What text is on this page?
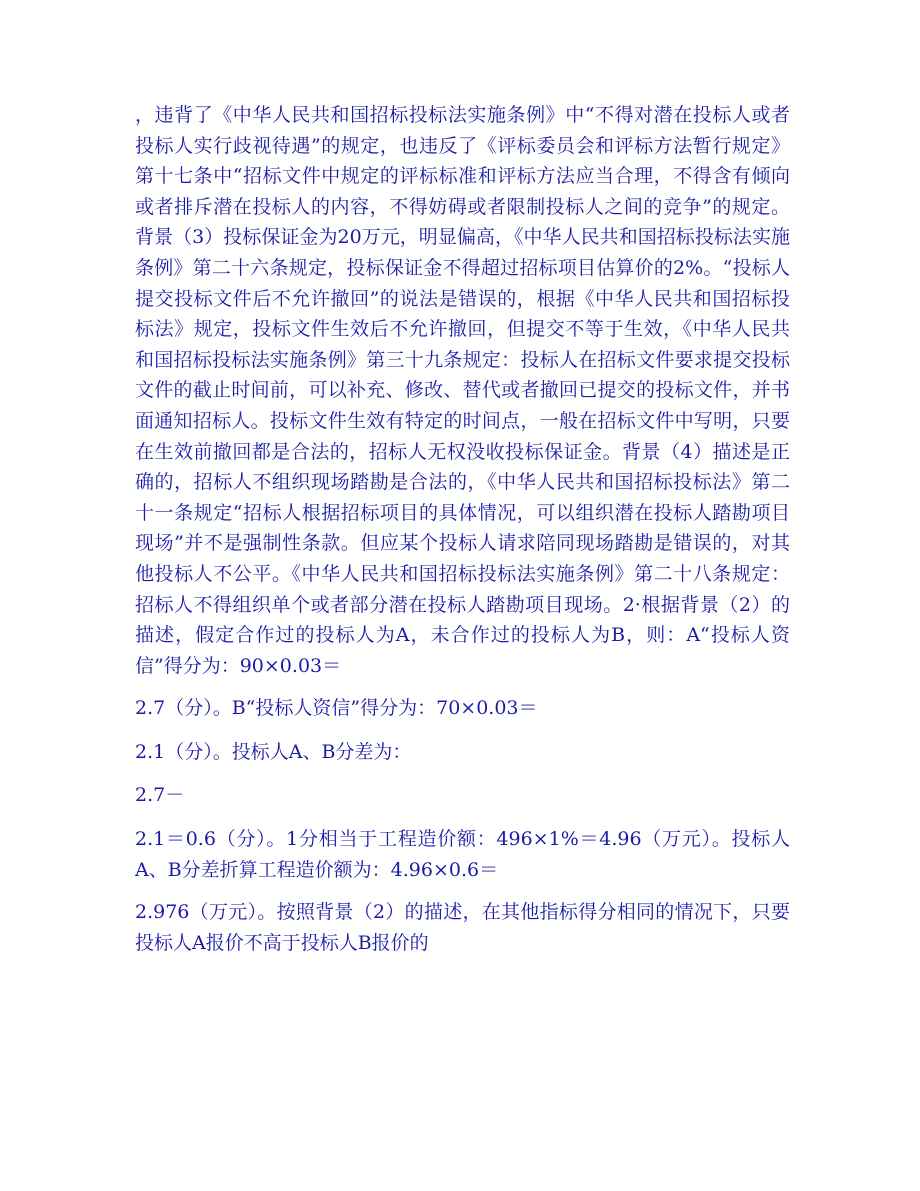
，违背了《中华人民共和国招标投标法实施条例》中“不得对潜在投标人或者投标人实行歧视待遇”的规定，也违反了《评标委员会和评标方法暂行规定》第十七条中“招标文件中规定的评标标准和评标方法应当合理，不得含有倾向或者排斥潜在投标人的内容，不得妨碍或者限制投标人之间的竞争”的规定。背景（3）投标保证金为20万元，明显偏高，《中华人民共和国招标投标法实施条例》第二十六条规定，投标保证金不得超过招标项目估算价的2%。“投标人提交投标文件后不允许撤回”的说法是错误的，根据《中华人民共和国招标投标法》规定，投标文件生效后不允许撤回，但提交不等于生效，《中华人民共和国招标投标法实施条例》第三十九条规定：投标人在招标文件要求提交投标文件的截止时间前，可以补充、修改、替代或者撤回已提交的投标文件，并书面通知招标人。投标文件生效有特定的时间点，一般在招标文件中写明，只要在生效前撤回都是合法的，招标人无权没收投标保证金。背景（4）描述是正确的，招标人不组织现场踏勘是合法的，《中华人民共和国招标投标法》第二十一条规定“招标人根据招标项目的具体情况，可以组织潜在投标人踏勘项目现场”并不是强制性条款。但应某个投标人请求陪同现场踏勘是错误的，对其他投标人不公平。《中华人民共和国招标投标法实施条例》第二十八条规定：招标人不得组织单个或者部分潜在投标人踏勘项目现场。2·根据背景（2）的描述，假定合作过的投标人为A，未合作过的投标人为B，则：A“投标人资信”得分为：90×0.03＝

2.7（分）。B“投标人资信”得分为：70×0.03＝

2.1（分）。投标人A、B分差为：

2.7－

2.1＝0.6（分）。1分相当于工程造价额：496×1%＝4.96（万元）。投标人A、B分差折算工程造价额为：4.96×0.6＝

2.976（万元）。按照背景（2）的描述，在其他指标得分相同的情况下，只要投标人A报价不高于投标人B报价的
